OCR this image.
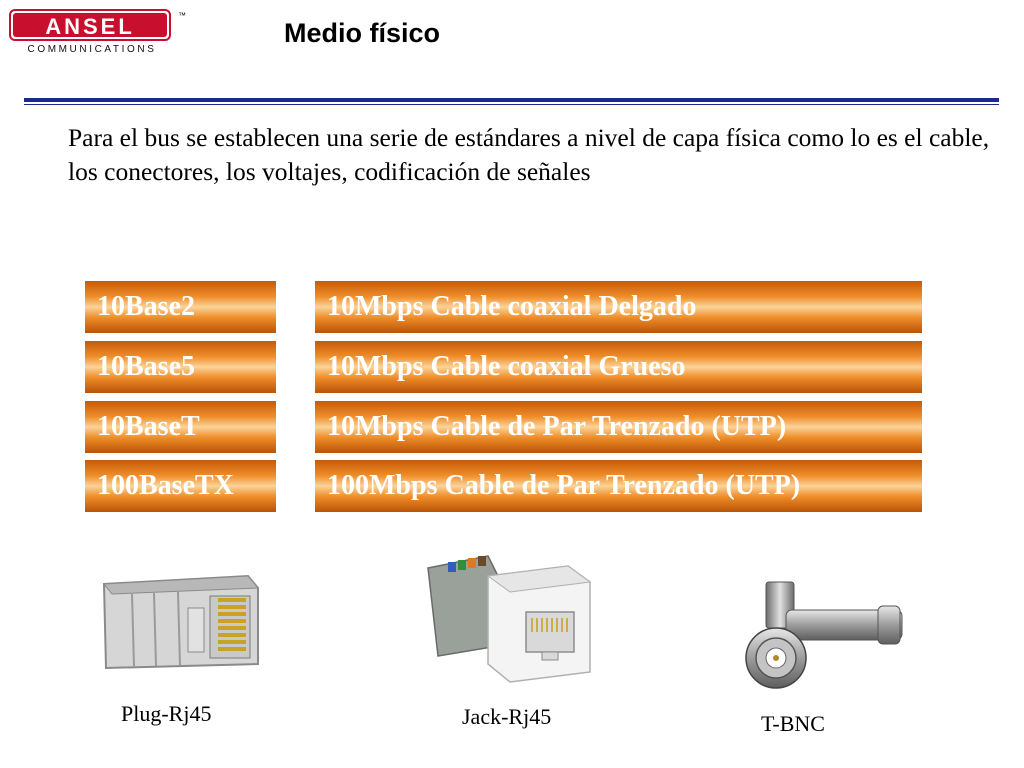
ANSEL	™
COMMUNICATIONS
Medio físico

Para el bus se establecen una serie de estándares a nivel de capa física como lo es el cable, los conectores, los voltajes, codificación de señales

10Base2	10Mbps Cable coaxial Delgado
10Base5	10Mbps Cable coaxial Grueso
10BaseT	10Mbps Cable de Par Trenzado (UTP)
100BaseTX	100Mbps Cable de Par Trenzado (UTP)
Plug-Rj45	Jack-Rj45	T-BNC
